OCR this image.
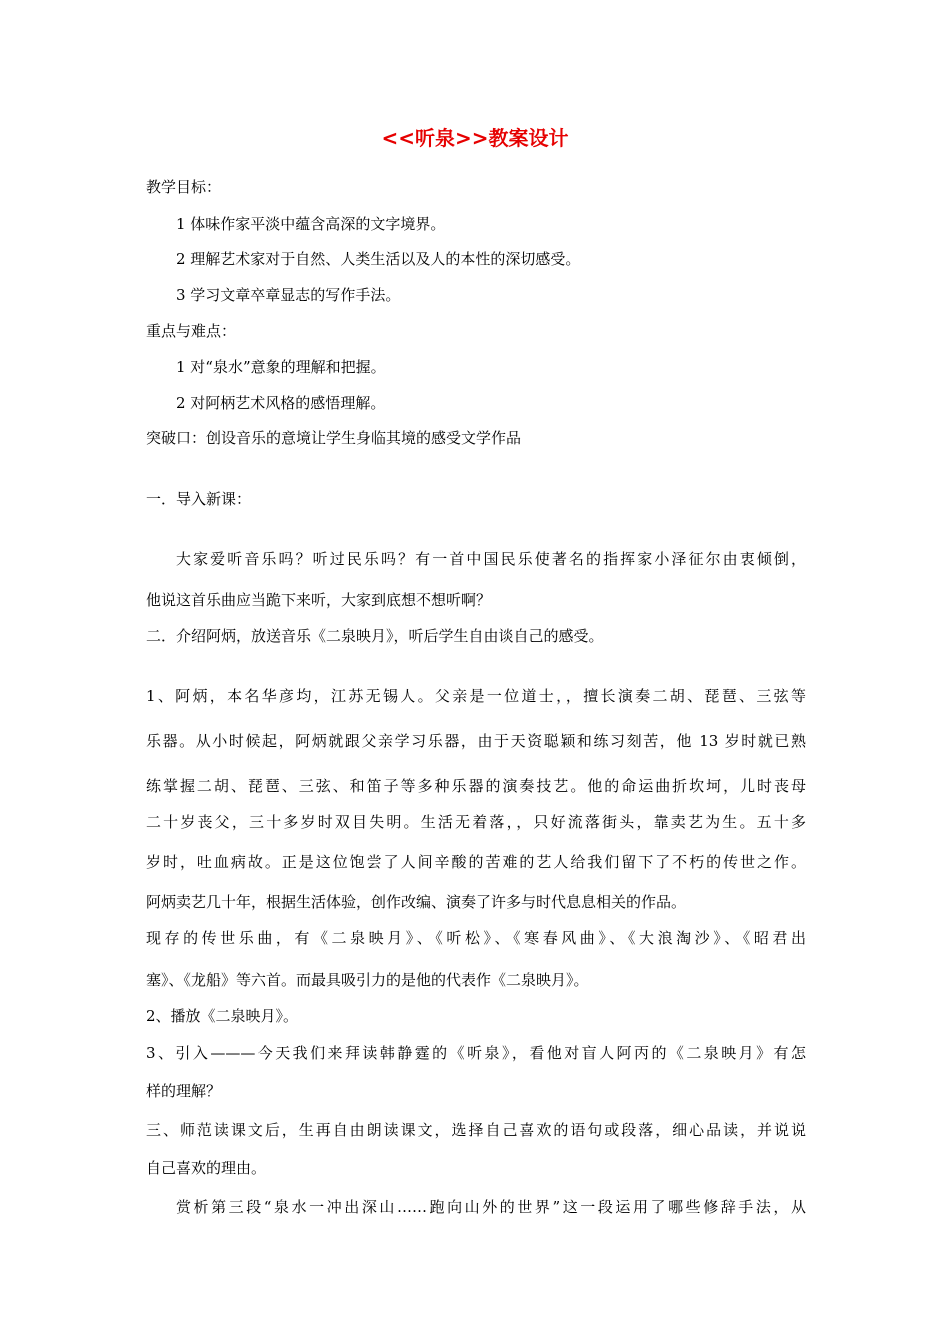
<<听泉>>教案设计
教学目标：
1 体味作家平淡中蕴含高深的文字境界。
2 理解艺术家对于自然、人类生活以及人的本性的深切感受。
3 学习文章卒章显志的写作手法。
重点与难点：
1 对“泉水”意象的理解和把握。
2 对阿柄艺术风格的感悟理解。
突破口：创设音乐的意境让学生身临其境的感受文学作品
一．导入新课：
大家爱听音乐吗？听过民乐吗？有一首中国民乐使著名的指挥家小泽征尔由衷倾倒，
他说这首乐曲应当跪下来听，大家到底想不想听啊？
二．介绍阿炳，放送音乐《二泉映月》，听后学生自由谈自己的感受。
1、阿炳，本名华彦均，江苏无锡人。父亲是一位道士，，擅长演奏二胡、琵琶、三弦等
乐器。从小时候起，阿炳就跟父亲学习乐器，由于天资聪颖和练习刻苦，他 13 岁时就已熟
练掌握二胡、琵琶、三弦、和笛子等多种乐器的演奏技艺。他的命运曲折坎坷，儿时丧母
二十岁丧父，三十多岁时双目失明。生活无着落，，只好流落街头，靠卖艺为生。五十多
岁时，吐血病故。正是这位饱尝了人间辛酸的苦难的艺人给我们留下了不朽的传世之作。
阿炳卖艺几十年，根据生活体验，创作改编、演奏了许多与时代息息相关的作品。
现存的传世乐曲，有《二泉映月》、《听松》、《寒春风曲》、《大浪淘沙》、《昭君出
塞》、《龙船》等六首。而最具吸引力的是他的代表作《二泉映月》。
2、播放《二泉映月》。
3、引入———今天我们来拜读韩静霆的《听泉》，看他对盲人阿丙的《二泉映月》有怎
样的理解？
三、师范读课文后，生再自由朗读课文，选择自己喜欢的语句或段落，细心品读，并说说
自己喜欢的理由。
赏析第三段“泉水一冲出深山……跑向山外的世界”这一段运用了哪些修辞手法，从
